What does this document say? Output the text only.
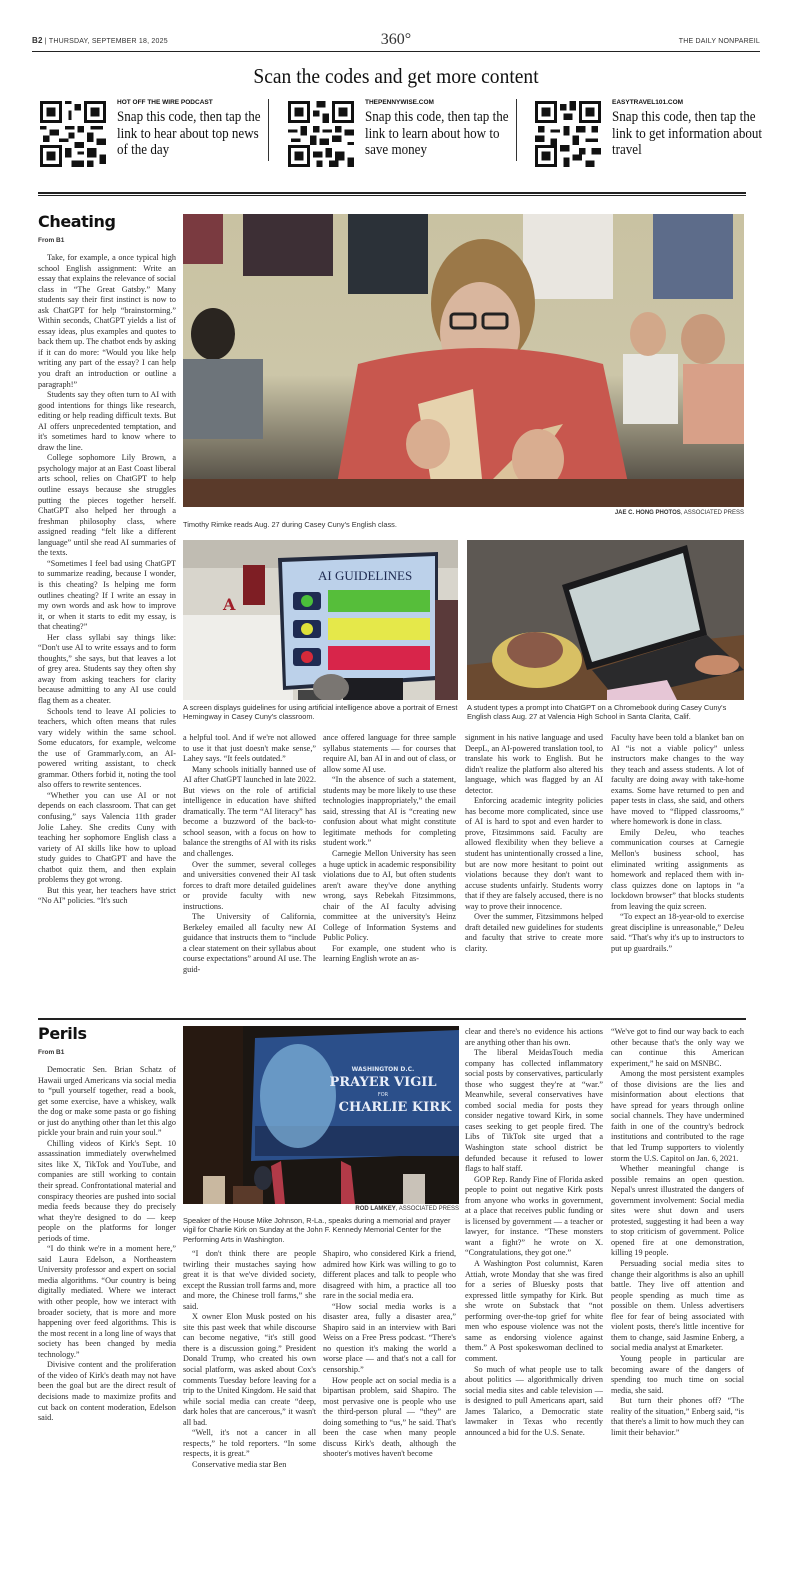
B2 | THURSDAY, SEPTEMBER 18, 2025	360°	THE DAILY NONPAREIL
Scan the codes and get more content
HOT OFF THE WIRE PODCAST
Snap this code, then tap the link to hear about top news of the day
THEPENNYWISE.COM
Snap this code, then tap the link to learn about how to save money
EASYTRAVEL101.COM
Snap this code, then tap the link to get information about travel
Cheating
From B1

Take, for example, a once typical high school English assignment: Write an essay that explains the relevance of social class in “The Great Gatsby.” Many students say their first instinct is now to ask ChatGPT for help “brainstorming.” Within seconds, ChatGPT yields a list of essay ideas, plus examples and quotes to back them up. The chatbot ends by asking if it can do more: “Would you like help writing any part of the essay? I can help you draft an introduction or outline a paragraph!”

Students say they often turn to AI with good intentions for things like research, editing or help reading difficult texts. But AI offers unprecedented temptation, and it's sometimes hard to know where to draw the line.

College sophomore Lily Brown, a psychology major at an East Coast liberal arts school, relies on ChatGPT to help outline essays because she struggles putting the pieces together herself. ChatGPT also helped her through a freshman philosophy class, where assigned reading “felt like a different language” until she read AI summaries of the texts.

“Sometimes I feel bad using ChatGPT to summarize reading, because I wonder, is this cheating? Is helping me form outlines cheating? If I write an essay in my own words and ask how to improve it, or when it starts to edit my essay, is that cheating?”

Her class syllabi say things like: “Don't use AI to write essays and to form thoughts,” she says, but that leaves a lot of grey area. Students say they often shy away from asking teachers for clarity because admitting to any AI use could flag them as a cheater.

Schools tend to leave AI policies to teachers, which often means that rules vary widely within the same school. Some educators, for example, welcome the use of Grammarly.com, an AI-powered writing assistant, to check grammar. Others forbid it, noting the tool also offers to rewrite sentences.

“Whether you can use AI or not depends on each classroom. That can get confusing,” says Valencia 11th grader Jolie Lahey. She credits Cuny with teaching her sophomore English class a variety of AI skills like how to upload study guides to ChatGPT and have the chatbot quiz them, and then explain problems they got wrong.

But this year, her teachers have strict “No AI” policies. “It's such

JAE C. HONG PHOTOS, ASSOCIATED PRESS
Timothy Rimke reads Aug. 27 during Casey Cuny's English class.
A
AI GUIDELINES
A screen displays guidelines for using artificial intelligence above a portrait of Ernest Hemingway in Casey Cuny's classroom.
A student types a prompt into ChatGPT on a Chromebook during Casey Cuny's English class Aug. 27 at Valencia High School in Santa Clarita, Calif.

a helpful tool. And if we're not allowed to use it that just doesn't make sense,” Lahey says. “It feels outdated.”

Many schools initially banned use of AI after ChatGPT launched in late 2022. But views on the role of artificial intelligence in education have shifted dramatically. The term “AI literacy” has become a buzzword of the back-to-school season, with a focus on how to balance the strengths of AI with its risks and challenges.

Over the summer, several colleges and universities convened their AI task forces to draft more detailed guidelines or provide faculty with new instructions.

The University of California, Berkeley emailed all faculty new AI guidance that instructs them to “include a clear statement on their syllabus about course expectations” around AI use. The guid-

ance offered language for three sample syllabus statements — for courses that require AI, ban AI in and out of class, or allow some AI use.

“In the absence of such a statement, students may be more likely to use these technologies inappropriately,” the email said, stressing that AI is “creating new confusion about what might constitute legitimate methods for completing student work.”

Carnegie Mellon University has seen a huge uptick in academic responsibility violations due to AI, but often students aren't aware they've done anything wrong, says Rebekah Fitzsimmons, chair of the AI faculty advising committee at the university's Heinz College of Information Systems and Public Policy.

For example, one student who is learning English wrote an as-

signment in his native language and used DeepL, an AI-powered translation tool, to translate his work to English. But he didn't realize the platform also altered his language, which was flagged by an AI detector.

Enforcing academic integrity policies has become more complicated, since use of AI is hard to spot and even harder to prove, Fitzsimmons said. Faculty are allowed flexibility when they believe a student has unintentionally crossed a line, but are now more hesitant to point out violations because they don't want to accuse students unfairly. Students worry that if they are falsely accused, there is no way to prove their innocence.

Over the summer, Fitzsimmons helped draft detailed new guidelines for students and faculty that strive to create more clarity.

Faculty have been told a blanket ban on AI “is not a viable policy” unless instructors make changes to the way they teach and assess students. A lot of faculty are doing away with take-home exams. Some have returned to pen and paper tests in class, she said, and others have moved to “flipped classrooms,” where homework is done in class.

Emily DeJeu, who teaches communication courses at Carnegie Mellon's business school, has eliminated writing assignments as homework and replaced them with in-class quizzes done on laptops in “a lockdown browser” that blocks students from leaving the quiz screen.

“To expect an 18-year-old to exercise great discipline is unreasonable,” DeJeu said. “That's why it's up to instructors to put up guardrails.”

Perils
From B1

Democratic Sen. Brian Schatz of Hawaii urged Americans via social media to “pull yourself together, read a book, get some exercise, have a whiskey, walk the dog or make some pasta or go fishing or just do anything other than let this algo pickle your brain and ruin your soul.”

Chilling videos of Kirk's Sept. 10 assassination immediately overwhelmed sites like X, TikTok and YouTube, and companies are still working to contain their spread. Confrontational material and conspiracy theories are pushed into social media feeds because they do precisely what they're designed to do — keep people on the platforms for longer periods of time.

“I do think we're in a moment here,” said Laura Edelson, a Northeastern University professor and expert on social media algorithms. “Our country is being digitally mediated. Where we interact with other people, how we interact with broader society, that is more and more happening over feed algorithms. This is the most recent in a long line of ways that society has been changed by media technology.”

Divisive content and the proliferation of the video of Kirk's death may not have been the goal but are the direct result of decisions made to maximize profits and cut back on content moderation, Edelson said.

WASHINGTON D.C.
PRAYER VIGIL
FOR
CHARLIE KIRK
ROD LAMKEY, ASSOCIATED PRESS
Speaker of the House Mike Johnson, R-La., speaks during a memorial and prayer vigil for Charlie Kirk on Sunday at the John F. Kennedy Memorial Center for the Performing Arts in Washington.

“I don't think there are people twirling their mustaches saying how great it is that we've divided society, except the Russian troll farms and, more and more, the Chinese troll farms,” she said.

X owner Elon Musk posted on his site this past week that while discourse can become negative, “it's still good there is a discussion going.” President Donald Trump, who created his own social platform, was asked about Cox's comments Tuesday before leaving for a trip to the United Kingdom. He said that while social media can create “deep, dark holes that are cancerous,” it wasn't all bad.

“Well, it's not a cancer in all respects,” he told reporters. “In some respects, it is great.”

Conservative media star Ben

Shapiro, who considered Kirk a friend, admired how Kirk was willing to go to different places and talk to people who disagreed with him, a practice all too rare in the social media era.

“How social media works is a disaster area, fully a disaster area,” Shapiro said in an interview with Bari Weiss on a Free Press podcast. “There's no question it's making the world a worse place — and that's not a call for censorship.”

How people act on social media is a bipartisan problem, said Shapiro. The most pervasive one is people who use the third-person plural — “they” are doing something to “us,” he said. That's been the case when many people discuss Kirk's death, although the shooter's motives haven't become

clear and there's no evidence his actions are anything other than his own.

The liberal MeidasTouch media company has collected inflammatory social posts by conservatives, particularly those who suggest they're at “war.” Meanwhile, several conservatives have combed social media for posts they consider negative toward Kirk, in some cases seeking to get people fired. The Libs of TikTok site urged that a Washington state school district be defunded because it refused to lower flags to half staff.

GOP Rep. Randy Fine of Florida asked people to point out negative Kirk posts from anyone who works in government, at a place that receives public funding or is licensed by government — a teacher or lawyer, for instance. “These monsters want a fight?” he wrote on X. “Congratulations, they got one.”

A Washington Post columnist, Karen Attiah, wrote Monday that she was fired for a series of Bluesky posts that expressed little sympathy for Kirk. But she wrote on Substack that “not performing over-the-top grief for white men who espouse violence was not the same as endorsing violence against them.” A Post spokeswoman declined to comment.

So much of what people use to talk about politics — algorithmically driven social media sites and cable television — is designed to pull Americans apart, said James Talarico, a Democratic state lawmaker in Texas who recently announced a bid for the U.S. Senate.

“We've got to find our way back to each other because that's the only way we can continue this American experiment,” he said on MSNBC.

Among the most persistent examples of those divisions are the lies and misinformation about elections that have spread for years through online social channels. They have undermined faith in one of the country's bedrock institutions and contributed to the rage that led Trump supporters to violently storm the U.S. Capitol on Jan. 6, 2021.

Whether meaningful change is possible remains an open question. Nepal's unrest illustrated the dangers of government involvement: Social media sites were shut down and users protested, suggesting it had been a way to stop criticism of government. Police opened fire at one demonstration, killing 19 people.

Persuading social media sites to change their algorithms is also an uphill battle. They live off attention and people spending as much time as possible on them. Unless advertisers flee for fear of being associated with violent posts, there's little incentive for them to change, said Jasmine Enberg, a social media analyst at Emarketer.

Young people in particular are becoming aware of the dangers of spending too much time on social media, she said.

But turn their phones off? “The reality of the situation,” Enberg said, “is that there's a limit to how much they can limit their behavior.”
